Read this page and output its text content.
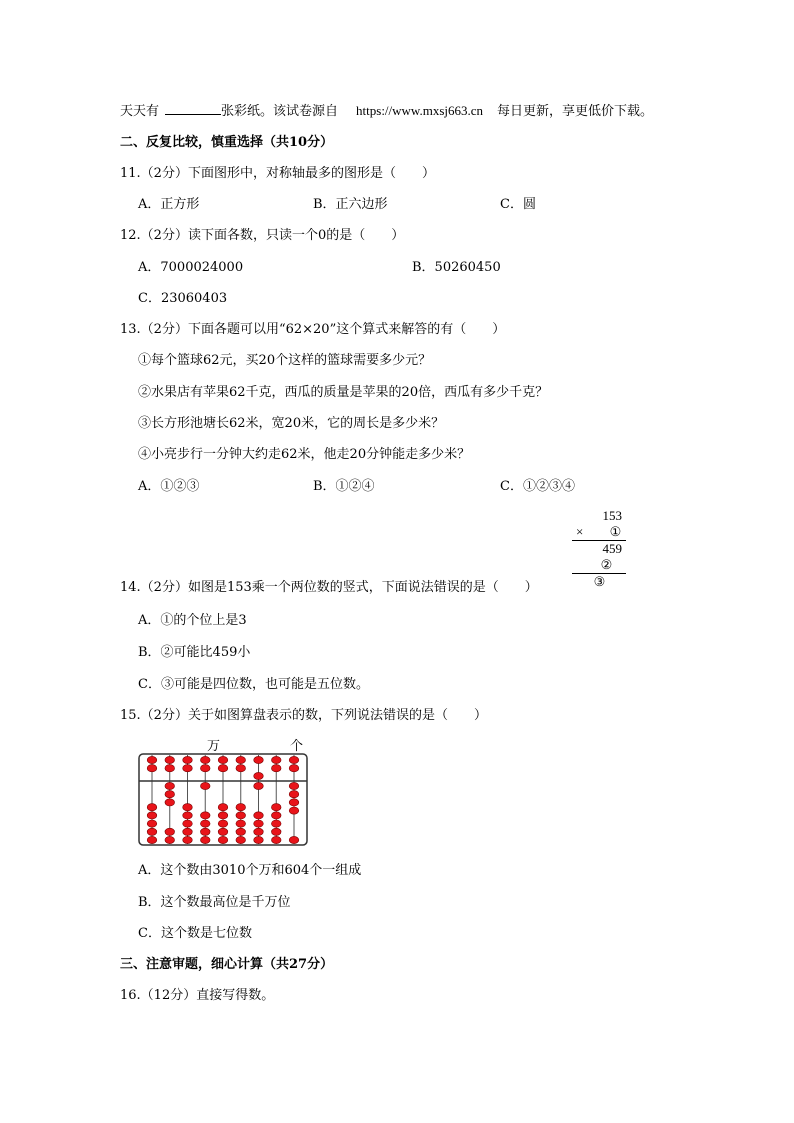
天天有	张彩纸。该试卷源自 https://www.mxsj663.cn 每日更新，享更低价下载。
二、反复比较，慎重选择（共10分）
11.（2分）下面图形中，对称轴最多的图形是（　　）
A．正方形	B．正六边形	C．圆
12.（2分）读下面各数，只读一个0的是（　　）
A．7000024000	B．50260450
C．23060403
13.（2分）下面各题可以用“62×20”这个算式来解答的有（　　）
①每个篮球62元，买20个这样的篮球需要多少元？
②水果店有苹果62千克，西瓜的质量是苹果的20倍，西瓜有多少千克？
③长方形池塘长62米，宽20米，它的周长是多少米？
④小亮步行一分钟大约走62米，他走20分钟能走多少米？
A．①②③	B．①②④	C．①②③④
153
× ①
459
②
③
14.（2分）如图是153乘一个两位数的竖式，下面说法错误的是（　　）
A．①的个位上是3
B．②可能比459小
C．③可能是四位数，也可能是五位数。
15.（2分）关于如图算盘表示的数，下列说法错误的是（　　）
万	个
A．这个数由3010个万和604个一组成
B．这个数最高位是千万位
C．这个数是七位数
三、注意审题，细心计算（共27分）
16.（12分）直接写得数。
